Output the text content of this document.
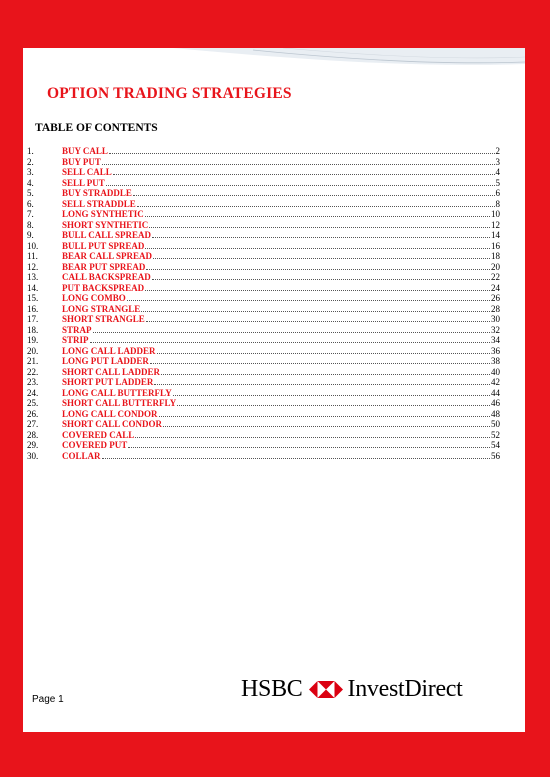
OPTION TRADING STRATEGIES
TABLE OF CONTENTS
1.	BUY CALL	2
2.	BUY PUT	3
3.	SELL CALL	4
4.	SELL PUT	5
5.	BUY STRADDLE	6
6.	SELL STRADDLE	8
7.	LONG SYNTHETIC	10
8.	SHORT SYNTHETIC	12
9.	BULL CALL SPREAD	14
10.	BULL PUT SPREAD	16
11.	BEAR CALL SPREAD	18
12.	BEAR PUT SPREAD	20
13.	CALL BACKSPREAD	22
14.	PUT BACKSPREAD	24
15.	LONG COMBO	26
16.	LONG STRANGLE	28
17.	SHORT STRANGLE	30
18.	STRAP	32
19.	STRIP	34
20.	LONG CALL LADDER	36
21.	LONG PUT LADDER	38
22.	SHORT CALL LADDER	40
23.	SHORT PUT LADDER	42
24.	LONG CALL BUTTERFLY	44
25.	SHORT CALL BUTTERFLY	46
26.	LONG CALL CONDOR	48
27.	SHORT CALL CONDOR	50
28.	COVERED CALL	52
29.	COVERED PUT	54
30.	COLLAR	56
Page 1	HSBC InvestDirect
